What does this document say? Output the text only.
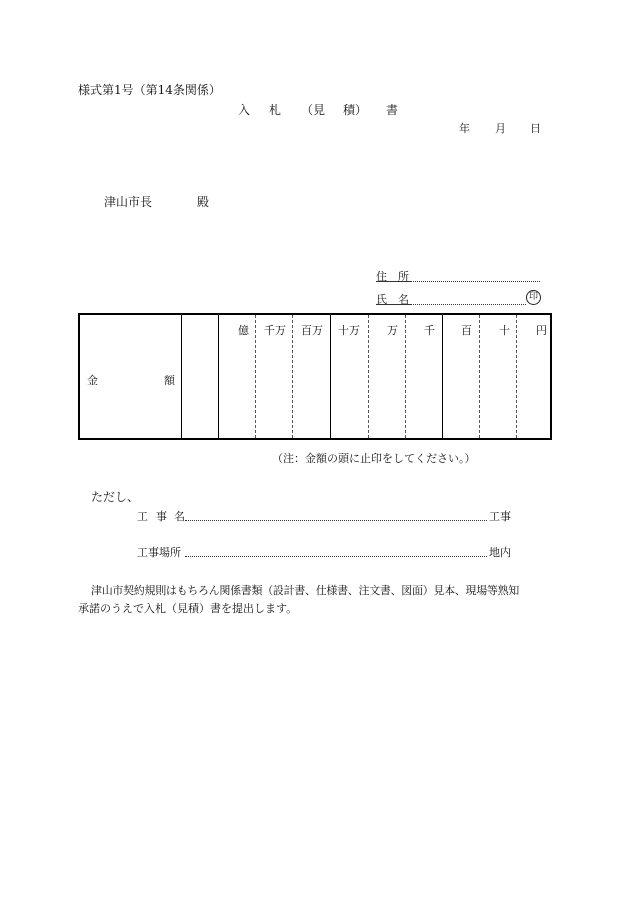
様式第1号（第14条関係）
入 札 （見 積） 書
年 月 日
津山市長	殿
住 所
氏 名	印
金	額
億 千万 百万 十万 万 千 百 十 円
（注：金額の頭に止印をしてください。）
ただし、
工 事 名	工事
工事場所	地内
津山市契約規則はもちろん関係書類（設計書、仕様書、注文書、図面）見本、現場等熟知
承諾のうえで入札（見積）書を提出します。
